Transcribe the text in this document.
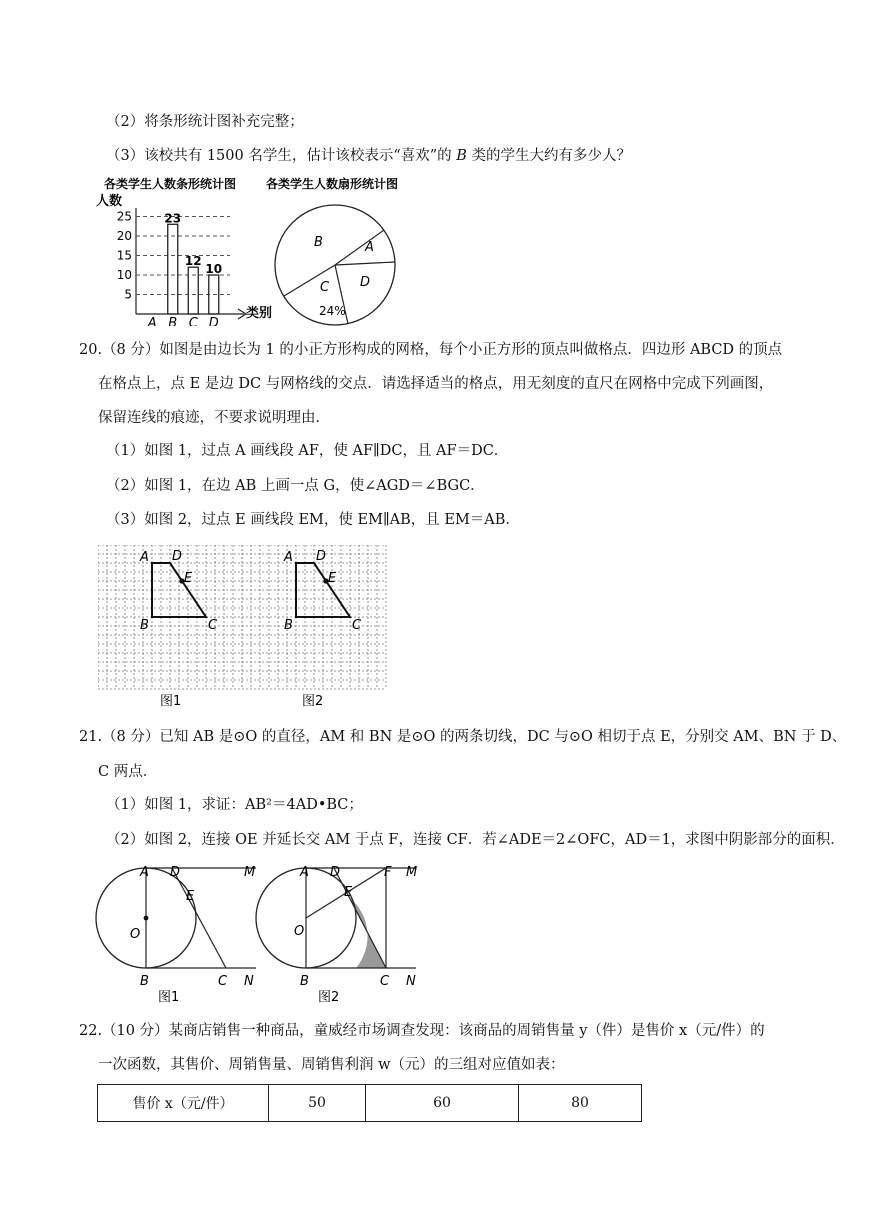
（2）将条形统计图补充完整；
（3）该校共有 1500 名学生，估计该校表示“喜欢”的 B 类的学生大约有多少人？
各类学生人数条形统计图
人数
5
10
15
20
25
A
23
B
12
C
10
D
类别
各类学生人数扇形统计图
B	A
D
C
24%
20.（8 分）如图是由边长为 1 的小正方形构成的网格，每个小正方形的顶点叫做格点．四边形 ABCD 的顶点
在格点上，点 E 是边 DC 与网格线的交点．请选择适当的格点，用无刻度的直尺在网格中完成下列画图，
保留连线的痕迹，不要求说明理由．
（1）如图 1，过点 A 画线段 AF，使 AF∥DC，且 AF＝DC．
（2）如图 1，在边 AB 上画一点 G，使∠AGD＝∠BGC．
（3）如图 2，过点 E 画线段 EM，使 EM∥AB，且 EM＝AB．
A D
E
B	C
A D
E
B	C
图1	图2
21.（8 分）已知 AB 是⊙O 的直径，AM 和 BN 是⊙O 的两条切线，DC 与⊙O 相切于点 E，分别交 AM、BN 于 D、
C 两点．
（1）如图 1，求证：AB²＝4AD•BC；
（2）如图 2，连接 OE 并延长交 AM 于点 F，连接 CF．若∠ADE＝2∠OFC，AD＝1，求图中阴影部分的面积．
A D	M
E
O
B	C N
图1
A D	F M
E
O
B	C N
图2
22.（10 分）某商店销售一种商品，童威经市场调查发现：该商品的周销售量 y（件）是售价 x（元/件）的
一次函数，其售价、周销售量、周销售利润 w（元）的三组对应值如表：
售价 x（元/件）	50	60	80
